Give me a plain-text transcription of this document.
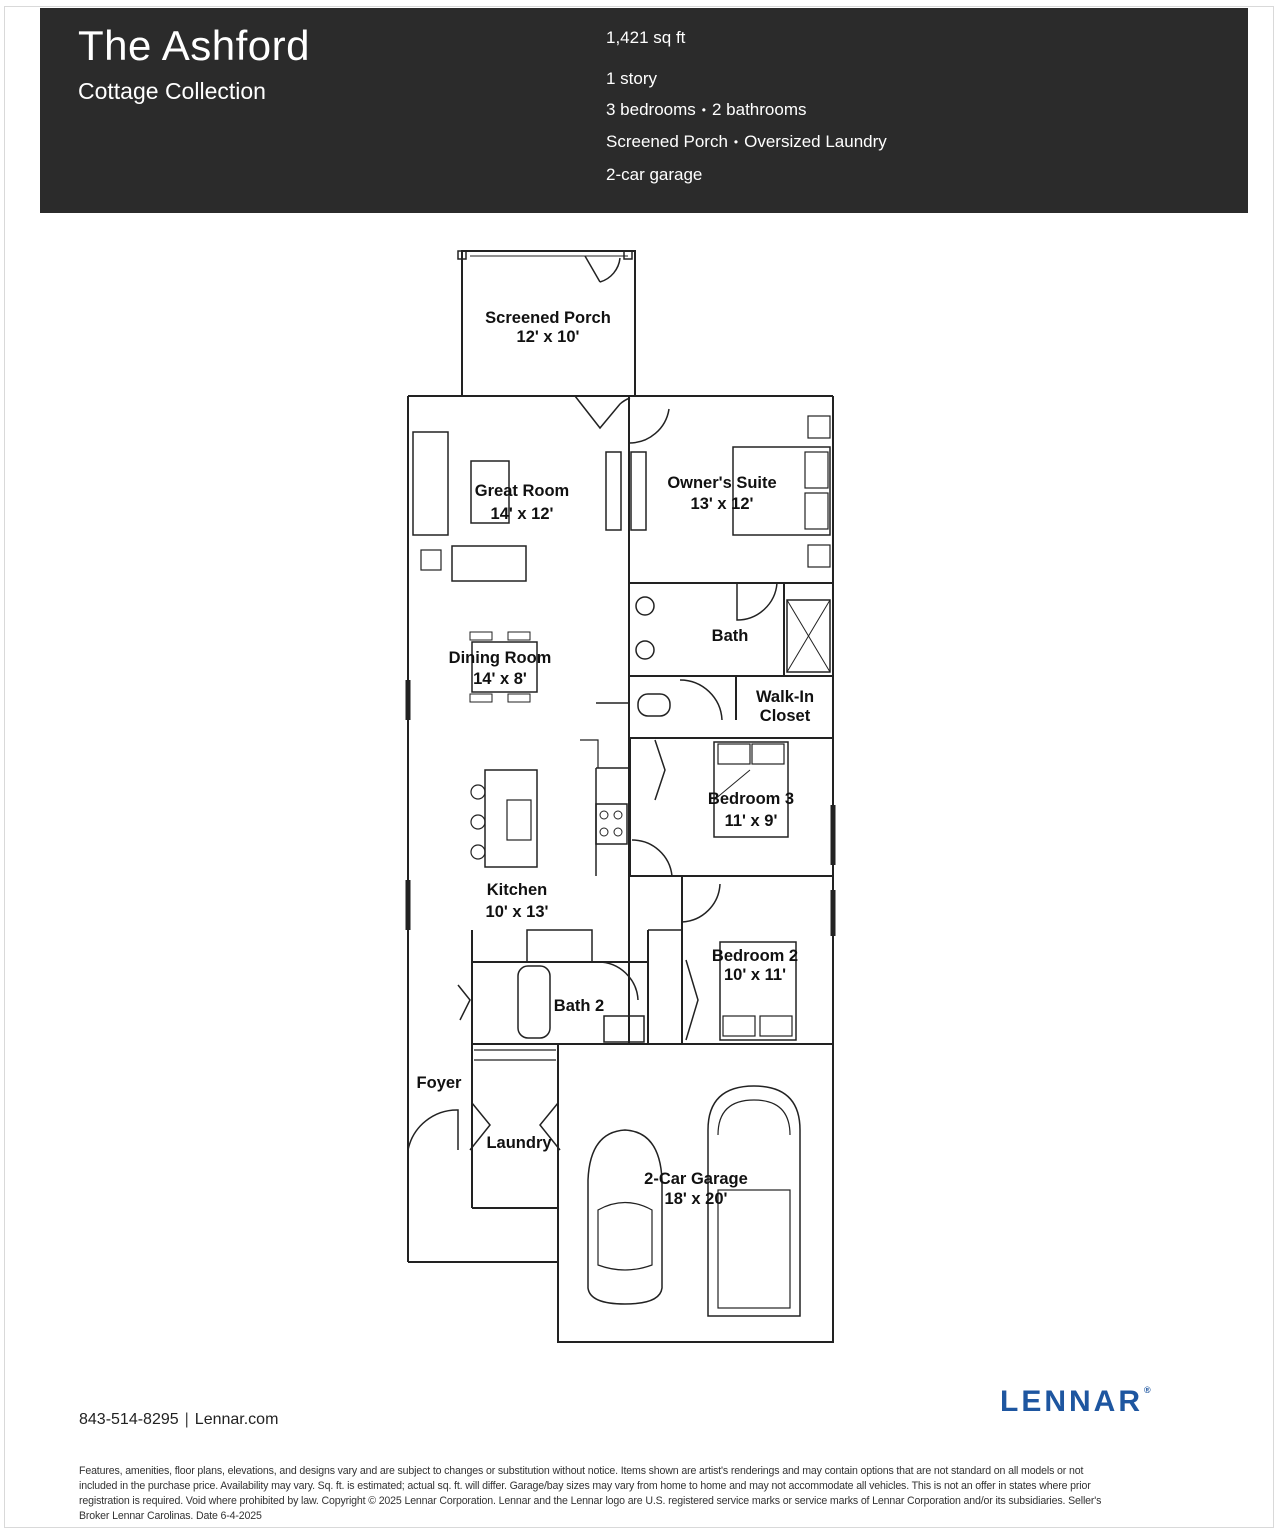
The Ashford
Cottage Collection
1,421 sq ft
1 story
3 bedrooms • 2 bathrooms
Screened Porch • Oversized Laundry
2-car garage
Screened Porch
12' x 10'
Great Room
14' x 12'
Owner's Suite
13' x 12'
Bath
Dining Room
14' x 8'
Walk-In
Closet
Bedroom 3
11' x 9'
Kitchen
10' x 13'
Bedroom 2
10' x 11'
Bath 2
Foyer
Laundry
2-Car Garage
18' x 20'
843-514-8295 | Lennar.com
LENNAR®
Features, amenities, floor plans, elevations, and designs vary and are subject to changes or substitution without notice. Items shown are artist's renderings and may contain options that are not standard on all models or not included in the purchase price. Availability may vary. Sq. ft. is estimated; actual sq. ft. will differ. Garage/bay sizes may vary from home to home and may not accommodate all vehicles. This is not an offer in states where prior registration is required. Void where prohibited by law. Copyright © 2025 Lennar Corporation. Lennar and the Lennar logo are U.S. registered service marks or service marks of Lennar Corporation and/or its subsidiaries. Seller's Broker Lennar Carolinas. Date 6-4-2025
